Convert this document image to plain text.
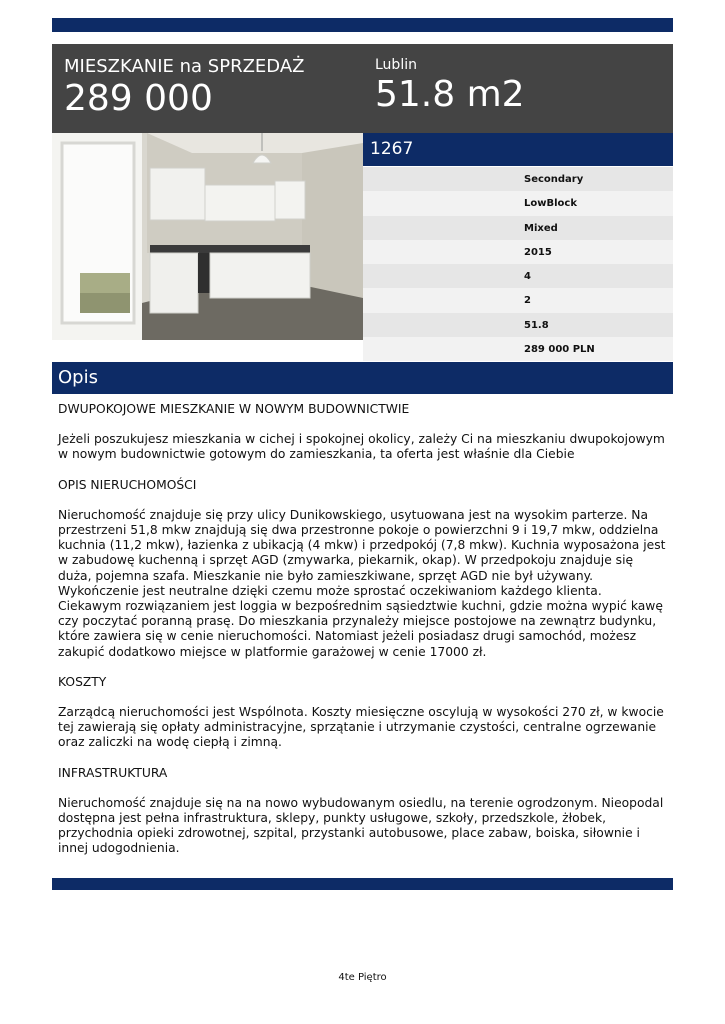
MIESZKANIE na SPRZEDAŻ
289 000
Lublin
51.8 m2
1267
Secondary
LowBlock
Mixed
2015
4
2
51.8
289 000 PLN
Opis

DWUPOKOJOWE MIESZKANIE W NOWYM BUDOWNICTWIE

Jeżeli poszukujesz mieszkania w cichej i spokojnej okolicy, zależy Ci na mieszkaniu dwupokojowym w nowym budownictwie gotowym do zamieszkania, ta oferta jest właśnie dla Ciebie

OPIS NIERUCHOMOŚCI

Nieruchomość znajduje się przy ulicy Dunikowskiego, usytuowana jest na wysokim parterze. Na przestrzeni 51,8 mkw znajdują się dwa przestronne pokoje o powierzchni 9 i 19,7 mkw, oddzielna kuchnia (11,2 mkw), łazienka z ubikacją (4 mkw) i przedpokój (7,8 mkw). Kuchnia wyposażona jest w zabudowę kuchenną i sprzęt AGD (zmywarka, piekarnik, okap). W przedpokoju znajduje się duża, pojemna szafa. Mieszkanie nie było zamieszkiwane, sprzęt AGD nie był używany. Wykończenie jest neutralne dzięki czemu może sprostać oczekiwaniom każdego klienta. Ciekawym rozwiązaniem jest loggia w bezpośrednim sąsiedztwie kuchni, gdzie można wypić kawę czy poczytać poranną prasę. Do mieszkania przynależy miejsce postojowe na zewnątrz budynku, które zawiera się w cenie nieruchomości. Natomiast jeżeli posiadasz drugi samochód, możesz zakupić dodatkowo miejsce w platformie garażowej w cenie 17000 zł.

KOSZTY

Zarządcą nieruchomości jest Wspólnota. Koszty miesięczne oscylują w wysokości 270 zł, w kwocie tej zawierają się opłaty administracyjne, sprzątanie i utrzymanie czystości, centralne ogrzewanie oraz zaliczki na wodę ciepłą i zimną.

INFRASTRUKTURA

Nieruchomość znajduje się na na nowo wybudowanym osiedlu, na terenie ogrodzonym. Nieopodal dostępna jest pełna infrastruktura, sklepy, punkty usługowe, szkoły, przedszkole, żłobek, przychodnia opieki zdrowotnej, szpital, przystanki autobusowe, place zabaw, boiska, siłownie i innej udogodnienia.

4te Piętro
